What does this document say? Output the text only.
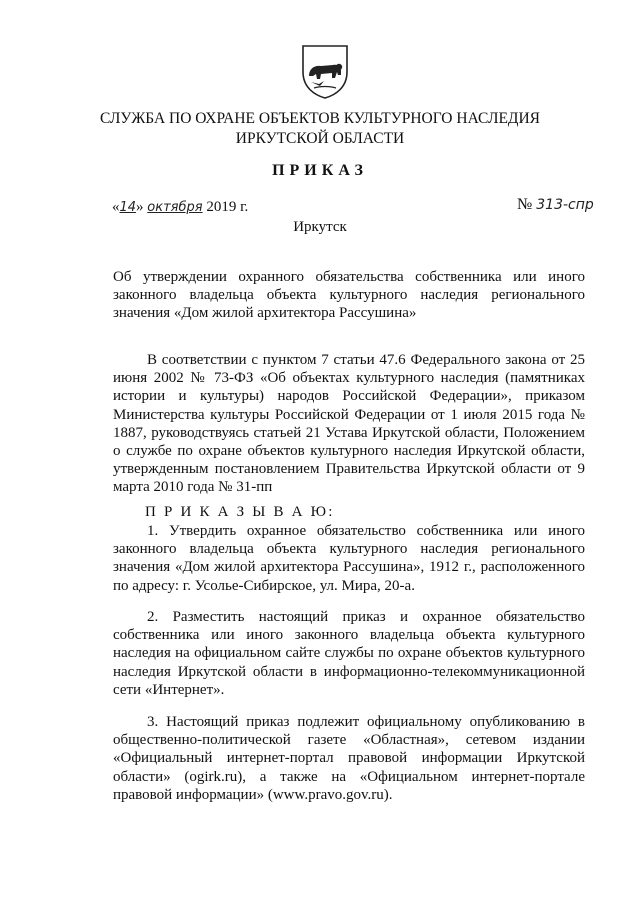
СЛУЖБА ПО ОХРАНЕ ОБЪЕКТОВ КУЛЬТУРНОГО НАСЛЕДИЯ
ИРКУТСКОЙ ОБЛАСТИ
ПРИКАЗ
«14» октября 2019 г.	№ 313-спр
Иркутск
Об утверждении охранного обязательства собственника или иного законного владельца объекта культурного наследия регионального значения «Дом жилой архитектора Рассушина»
В соответствии с пунктом 7 статьи 47.6 Федерального закона от 25 июня 2002 № 73-ФЗ «Об объектах культурного наследия (памятниках истории и культуры) народов Российской Федерации», приказом Министерства культуры Российской Федерации от 1 июля 2015 года № 1887, руководствуясь статьей 21 Устава Иркутской области, Положением о службе по охране объектов культурного наследия Иркутской области, утвержденным постановлением Правительства Иркутской области от 9 марта 2010 года № 31-пп
П Р И К А З Ы В А Ю:
1. Утвердить охранное обязательство собственника или иного законного владельца объекта культурного наследия регионального значения «Дом жилой архитектора Рассушина», 1912 г., расположенного по адресу: г. Усолье-Сибирское, ул. Мира, 20-а.
2. Разместить настоящий приказ и охранное обязательство собственника или иного законного владельца объекта культурного наследия на официальном сайте службы по охране объектов культурного наследия Иркутской области в информационно-телекоммуникационной сети «Интернет».
3. Настоящий приказ подлежит официальному опубликованию в общественно-политической газете «Областная», сетевом издании «Официальный интернет-портал правовой информации Иркутской области» (ogirk.ru), а также на «Официальном интернет-портале правовой информации» (www.pravo.gov.ru).
